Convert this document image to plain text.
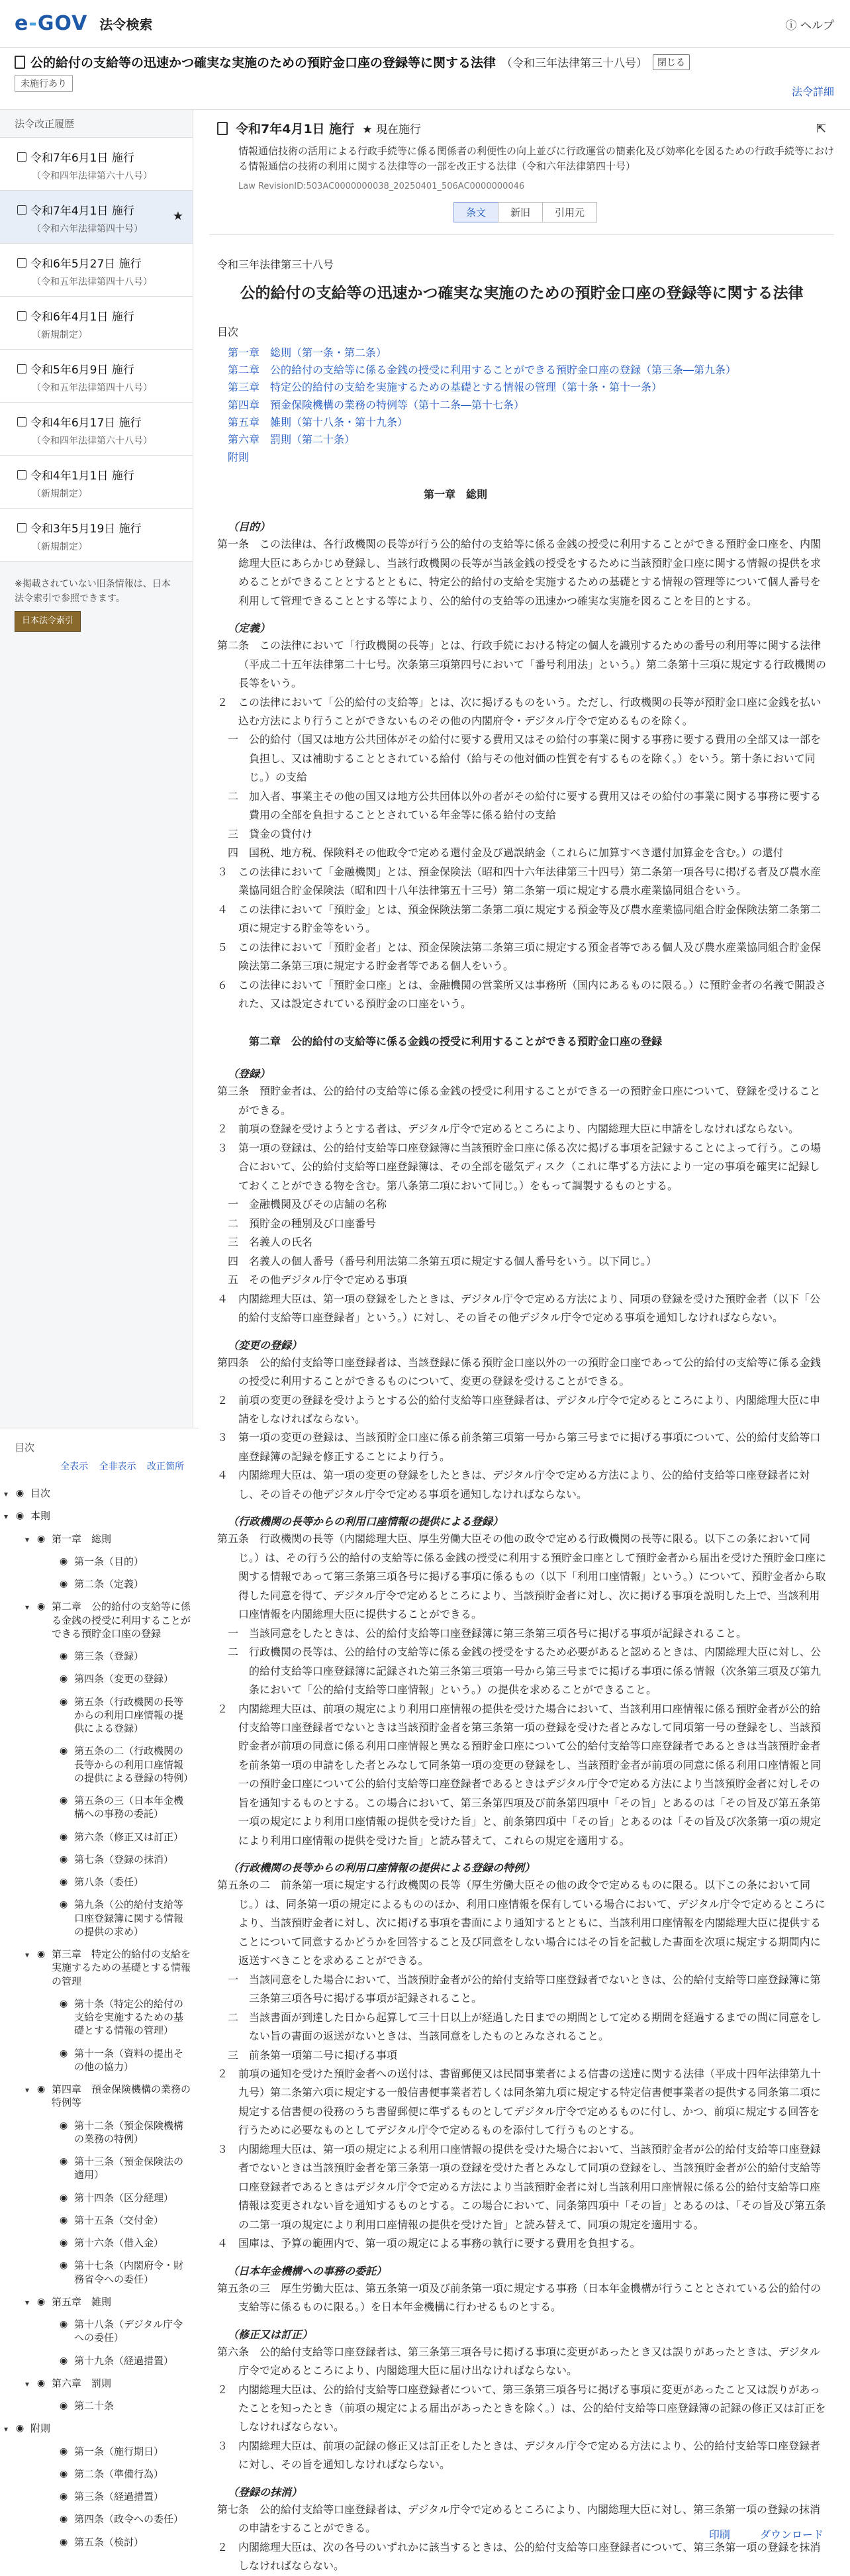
e-GOV 法令検索	ⓘ ヘルプ
公的給付の支給等の迅速かつ確実な実施のための預貯金口座の登録等に関する法律 （令和三年法律第三十八号）	閉じる
未施行あり
法令詳細
法令改正履歴
令和7年6月1日 施行
（令和四年法律第六十八号）
令和7年4月1日 施行
（令和六年法律第四十号）
★
令和6年5月27日 施行
（令和五年法律第四十八号）
令和6年4月1日 施行
（新規制定）
令和5年6月9日 施行
（令和五年法律第四十八号）
令和4年6月17日 施行
（令和四年法律第六十八号）
令和4年1月1日 施行
（新規制定）
令和3年5月19日 施行
（新規制定）
※掲載されていない旧条情報は、日本法令索引で参照できます。
日本法令索引
目次
全表示 全非表示 改正箇所
▾ ◉ 目次
▾ ◉ 本則
▾ ◉ 第一章　総則
◉ 第一条（目的）
◉ 第二条（定義）
▾ ◉ 第二章　公的給付の支給等に係る金銭の授受に利用することができる預貯金口座の登録
◉ 第三条（登録）
◉ 第四条（変更の登録）
◉ 第五条（行政機関の長等からの利用口座情報の提供による登録）
◉ 第五条の二（行政機関の長等からの利用口座情報の提供による登録の特例）
◉ 第五条の三（日本年金機構への事務の委託）
◉ 第六条（修正又は訂正）
◉ 第七条（登録の抹消）
◉ 第八条（委任）
◉ 第九条（公的給付支給等口座登録簿に関する情報の提供の求め）
▾ ◉ 第三章　特定公的給付の支給を実施するための基礎とする情報の管理
◉ 第十条（特定公的給付の支給を実施するための基礎とする情報の管理）
◉ 第十一条（資料の提出その他の協力）
▾ ◉ 第四章　預金保険機構の業務の特例等
◉ 第十二条（預金保険機構の業務の特例）
◉ 第十三条（預金保険法の適用）
◉ 第十四条（区分経理）
◉ 第十五条（交付金）
◉ 第十六条（借入金）
◉ 第十七条（内閣府令・財務省令への委任）
▾ ◉ 第五章　雑則
◉ 第十八条（デジタル庁令への委任）
◉ 第十九条（経過措置）
▾ ◉ 第六章　罰則
◉ 第二十条
▾ ◉ 附則
◉ 第一条（施行期日）
◉ 第二条（準備行為）
◉ 第三条（経過措置）
◉ 第四条（政令への委任）
◉ 第五条（検討）
令和7年4月1日 施行 ★ 現在施行
情報通信技術の活用による行政手続等に係る関係者の利便性の向上並びに行政運営の簡素化及び効率化を図るための行政手続等における情報通信の技術の利用に関する法律等の一部を改正する法律（令和六年法律第四十号）
Law RevisionID:503AC0000000038_20250401_506AC0000000046
⇱
条文	新旧	引用元
令和三年法律第三十八号
公的給付の支給等の迅速かつ確実な実施のための預貯金口座の登録等に関する法律
目次
第一章　総則（第一条・第二条）
第二章　公的給付の支給等に係る金銭の授受に利用することができる預貯金口座の登録（第三条―第九条）
第三章　特定公的給付の支給を実施するための基礎とする情報の管理（第十条・第十一条）
第四章　預金保険機構の業務の特例等（第十二条―第十七条）
第五章　雑則（第十八条・第十九条）
第六章　罰則（第二十条）
附則
第一章　総則
（目的）
第一条　この法律は、各行政機関の長等が行う公的給付の支給等に係る金銭の授受に利用することができる預貯金口座を、内閣総理大臣にあらかじめ登録し、当該行政機関の長等が当該金銭の授受をするために当該預貯金口座に関する情報の提供を求めることができることとするとともに、特定公的給付の支給を実施するための基礎とする情報の管理等について個人番号を利用して管理できることとする等により、公的給付の支給等の迅速かつ確実な実施を図ることを目的とする。
（定義）
第二条　この法律において「行政機関の長等」とは、行政手続における特定の個人を識別するための番号の利用等に関する法律（平成二十五年法律第二十七号。次条第三項第四号において「番号利用法」という。）第二条第十三項に規定する行政機関の長等をいう。
２　この法律において「公的給付の支給等」とは、次に掲げるものをいう。ただし、行政機関の長等が預貯金口座に金銭を払い込む方法により行うことができないものその他の内閣府令・デジタル庁令で定めるものを除く。
一　公的給付（国又は地方公共団体がその給付に要する費用又はその給付の事業に関する事務に要する費用の全部又は一部を負担し、又は補助することとされている給付（給与その他対価の性質を有するものを除く。）をいう。第十条において同じ。）の支給
二　加入者、事業主その他の国又は地方公共団体以外の者がその給付に要する費用又はその給付の事業に関する事務に要する費用の全部を負担することとされている年金等に係る給付の支給
三　貸金の貸付け
四　国税、地方税、保険料その他政令で定める還付金及び過誤納金（これらに加算すべき還付加算金を含む。）の還付
３　この法律において「金融機関」とは、預金保険法（昭和四十六年法律第三十四号）第二条第一項各号に掲げる者及び農水産業協同組合貯金保険法（昭和四十八年法律第五十三号）第二条第一項に規定する農水産業協同組合をいう。
４　この法律において「預貯金」とは、預金保険法第二条第二項に規定する預金等及び農水産業協同組合貯金保険法第二条第二項に規定する貯金等をいう。
５　この法律において「預貯金者」とは、預金保険法第二条第三項に規定する預金者等である個人及び農水産業協同組合貯金保険法第二条第三項に規定する貯金者等である個人をいう。
６　この法律において「預貯金口座」とは、金融機関の営業所又は事務所（国内にあるものに限る。）に預貯金者の名義で開設された、又は設定されている預貯金の口座をいう。
第二章　公的給付の支給等に係る金銭の授受に利用することができる預貯金口座の登録
（登録）
第三条　預貯金者は、公的給付の支給等に係る金銭の授受に利用することができる一の預貯金口座について、登録を受けることができる。
２　前項の登録を受けようとする者は、デジタル庁令で定めるところにより、内閣総理大臣に申請をしなければならない。
３　第一項の登録は、公的給付支給等口座登録簿に当該預貯金口座に係る次に掲げる事項を記録することによって行う。この場合において、公的給付支給等口座登録簿は、その全部を磁気ディスク（これに準ずる方法により一定の事項を確実に記録しておくことができる物を含む。第八条第二項において同じ。）をもって調製するものとする。
一　金融機関及びその店舗の名称
二　預貯金の種別及び口座番号
三　名義人の氏名
四　名義人の個人番号（番号利用法第二条第五項に規定する個人番号をいう。以下同じ。）
五　その他デジタル庁令で定める事項
４　内閣総理大臣は、第一項の登録をしたときは、デジタル庁令で定める方法により、同項の登録を受けた預貯金者（以下「公的給付支給等口座登録者」という。）に対し、その旨その他デジタル庁令で定める事項を通知しなければならない。
（変更の登録）
第四条　公的給付支給等口座登録者は、当該登録に係る預貯金口座以外の一の預貯金口座であって公的給付の支給等に係る金銭の授受に利用することができるものについて、変更の登録を受けることができる。
２　前項の変更の登録を受けようとする公的給付支給等口座登録者は、デジタル庁令で定めるところにより、内閣総理大臣に申請をしなければならない。
３　第一項の変更の登録は、当該預貯金口座に係る前条第三項第一号から第三号までに掲げる事項について、公的給付支給等口座登録簿の記録を修正することにより行う。
４　内閣総理大臣は、第一項の変更の登録をしたときは、デジタル庁令で定める方法により、公的給付支給等口座登録者に対し、その旨その他デジタル庁令で定める事項を通知しなければならない。
（行政機関の長等からの利用口座情報の提供による登録）
第五条　行政機関の長等（内閣総理大臣、厚生労働大臣その他の政令で定める行政機関の長等に限る。以下この条において同じ。）は、その行う公的給付の支給等に係る金銭の授受に利用する預貯金口座として預貯金者から届出を受けた預貯金口座に関する情報であって第三条第三項各号に掲げる事項に係るもの（以下「利用口座情報」という。）について、預貯金者から取得した同意を得て、デジタル庁令で定めるところにより、当該預貯金者に対し、次に掲げる事項を説明した上で、当該利用口座情報を内閣総理大臣に提供することができる。
一　当該同意をしたときは、公的給付支給等口座登録簿に第三条第三項各号に掲げる事項が記録されること。
二　行政機関の長等は、公的給付の支給等に係る金銭の授受をするため必要があると認めるときは、内閣総理大臣に対し、公的給付支給等口座登録簿に記録された第三条第三項第一号から第三号までに掲げる事項に係る情報（次条第三項及び第九条において「公的給付支給等口座情報」という。）の提供を求めることができること。
２　内閣総理大臣は、前項の規定により利用口座情報の提供を受けた場合において、当該利用口座情報に係る預貯金者が公的給付支給等口座登録者でないときは当該預貯金者を第三条第一項の登録を受けた者とみなして同項第一号の登録をし、当該預貯金者が前項の同意に係る利用口座情報と異なる預貯金口座について公的給付支給等口座登録者であるときは当該預貯金者を前条第一項の申請をした者とみなして同条第一項の変更の登録をし、当該預貯金者が前項の同意に係る利用口座情報と同一の預貯金口座について公的給付支給等口座登録者であるときはデジタル庁令で定める方法により当該預貯金者に対しその旨を通知するものとする。この場合において、第三条第四項及び前条第四項中「その旨」とあるのは「その旨及び第五条第一項の規定により利用口座情報の提供を受けた旨」と、前条第四項中「その旨」とあるのは「その旨及び次条第一項の規定により利用口座情報の提供を受けた旨」と読み替えて、これらの規定を適用する。
（行政機関の長等からの利用口座情報の提供による登録の特例）
第五条の二　前条第一項に規定する行政機関の長等（厚生労働大臣その他の政令で定めるものに限る。以下この条において同じ。）は、同条第一項の規定によるもののほか、利用口座情報を保有している場合において、デジタル庁令で定めるところにより、当該預貯金者に対し、次に掲げる事項を書面により通知するとともに、当該利用口座情報を内閣総理大臣に提供することについて同意するかどうかを回答すること及び同意をしない場合にはその旨を記載した書面を次項に規定する期間内に返送すべきことを求めることができる。
一　当該同意をした場合において、当該預貯金者が公的給付支給等口座登録者でないときは、公的給付支給等口座登録簿に第三条第三項各号に掲げる事項が記録されること。
二　当該書面が到達した日から起算して三十日以上が経過した日までの期間として定める期間を経過するまでの間に同意をしない旨の書面の返送がないときは、当該同意をしたものとみなされること。
三　前条第一項第二号に掲げる事項
２　前項の通知を受けた預貯金者への送付は、書留郵便又は民間事業者による信書の送達に関する法律（平成十四年法律第九十九号）第二条第六項に規定する一般信書便事業者若しくは同条第九項に規定する特定信書便事業者の提供する同条第二項に規定する信書便の役務のうち書留郵便に準ずるものとしてデジタル庁令で定めるものに付し、かつ、前項に規定する回答を行うために必要なものとしてデジタル庁令で定めるものを添付して行うものとする。
３　内閣総理大臣は、第一項の規定による利用口座情報の提供を受けた場合において、当該預貯金者が公的給付支給等口座登録者でないときは当該預貯金者を第三条第一項の登録を受けた者とみなして同項の登録をし、当該預貯金者が公的給付支給等口座登録者であるときはデジタル庁令で定める方法により当該預貯金者に対し当該利用口座情報に係る公的給付支給等口座情報は変更されない旨を通知するものとする。この場合において、同条第四項中「その旨」とあるのは、「その旨及び第五条の二第一項の規定により利用口座情報の提供を受けた旨」と読み替えて、同項の規定を適用する。
４　国庫は、予算の範囲内で、第一項の規定による事務の執行に要する費用を負担する。
（日本年金機構への事務の委託）
第五条の三　厚生労働大臣は、第五条第一項及び前条第一項に規定する事務（日本年金機構が行うこととされている公的給付の支給等に係るものに限る。）を日本年金機構に行わせるものとする。
（修正又は訂正）
第六条　公的給付支給等口座登録者は、第三条第三項各号に掲げる事項に変更があったとき又は誤りがあったときは、デジタル庁令で定めるところにより、内閣総理大臣に届け出なければならない。
２　内閣総理大臣は、公的給付支給等口座登録者について、第三条第三項各号に掲げる事項に変更があったこと又は誤りがあったことを知ったとき（前項の規定による届出があったときを除く。）は、公的給付支給等口座登録簿の記録の修正又は訂正をしなければならない。
３　内閣総理大臣は、前項の記録の修正又は訂正をしたときは、デジタル庁令で定める方法により、公的給付支給等口座登録者に対し、その旨を通知しなければならない。
（登録の抹消）
第七条　公的給付支給等口座登録者は、デジタル庁令で定めるところにより、内閣総理大臣に対し、第三条第一項の登録の抹消の申請をすることができる。
２　内閣総理大臣は、次の各号のいずれかに該当するときは、公的給付支給等口座登録者について、第三条第一項の登録を抹消しなければならない。
印刷	ダウンロード
